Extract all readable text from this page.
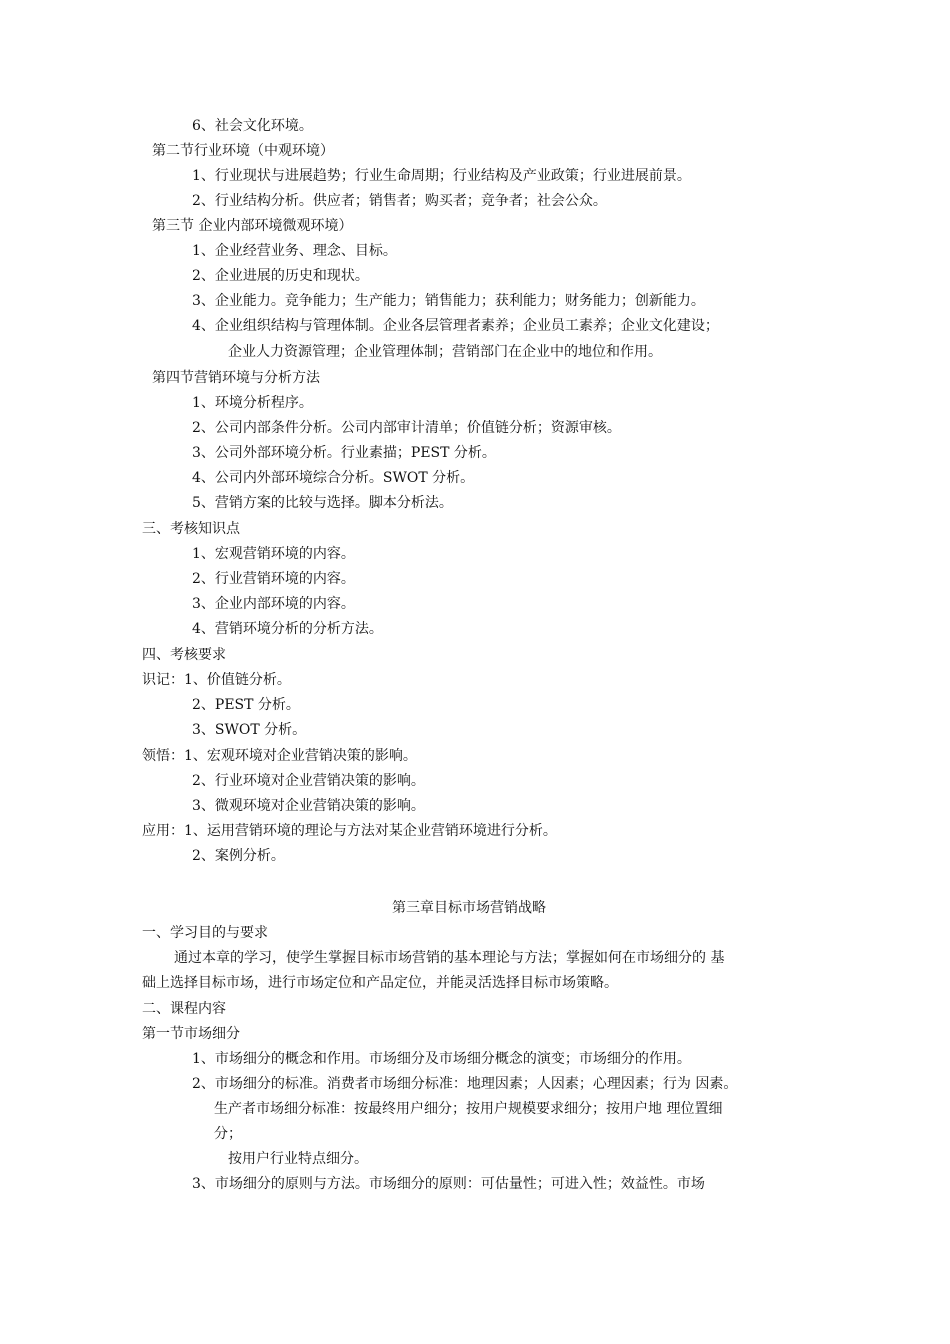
6、社会文化环境。
第二节行业环境（中观环境）
1、行业现状与进展趋势；行业生命周期；行业结构及产业政策；行业进展前景。
2、行业结构分析。供应者；销售者；购买者；竞争者；社会公众。
第三节 企业内部环境微观环境）
1、企业经营业务、理念、目标。
2、企业进展的历史和现状。
3、企业能力。竞争能力；生产能力；销售能力；获利能力；财务能力；创新能力。
4、企业组织结构与管理体制。企业各层管理者素养；企业员工素养；企业文化建设；
企业人力资源管理；企业管理体制；营销部门在企业中的地位和作用。
第四节营销环境与分析方法
1、环境分析程序。
2、公司内部条件分析。公司内部审计清单；价值链分析；资源审核。
3、公司外部环境分析。行业素描；PEST 分析。
4、公司内外部环境综合分析。SWOT 分析。
5、营销方案的比较与选择。脚本分析法。
三、考核知识点
1、宏观营销环境的内容。
2、行业营销环境的内容。
3、企业内部环境的内容。
4、营销环境分析的分析方法。
四、考核要求
识记：1、价值链分析。
2、PEST 分析。
3、SWOT 分析。
领悟：1、宏观环境对企业营销决策的影响。
2、行业环境对企业营销决策的影响。
3、微观环境对企业营销决策的影响。
应用：1、运用营销环境的理论与方法对某企业营销环境进行分析。
2、案例分析。
第三章目标市场营销战略
一、学习目的与要求
通过本章的学习，使学生掌握目标市场营销的基本理论与方法；掌握如何在市场细分的 基
础上选择目标市场，进行市场定位和产品定位，并能灵活选择目标市场策略。
二、课程内容
第一节市场细分
1、市场细分的概念和作用。市场细分及市场细分概念的演变；市场细分的作用。
2、市场细分的标准。消费者市场细分标准：地理因素；人因素；心理因素；行为 因素。
生产者市场细分标准：按最终用户细分；按用户规模要求细分；按用户地 理位置细
分；
按用户行业特点细分。
3、市场细分的原则与方法。市场细分的原则：可估量性；可进入性；效益性。市场
